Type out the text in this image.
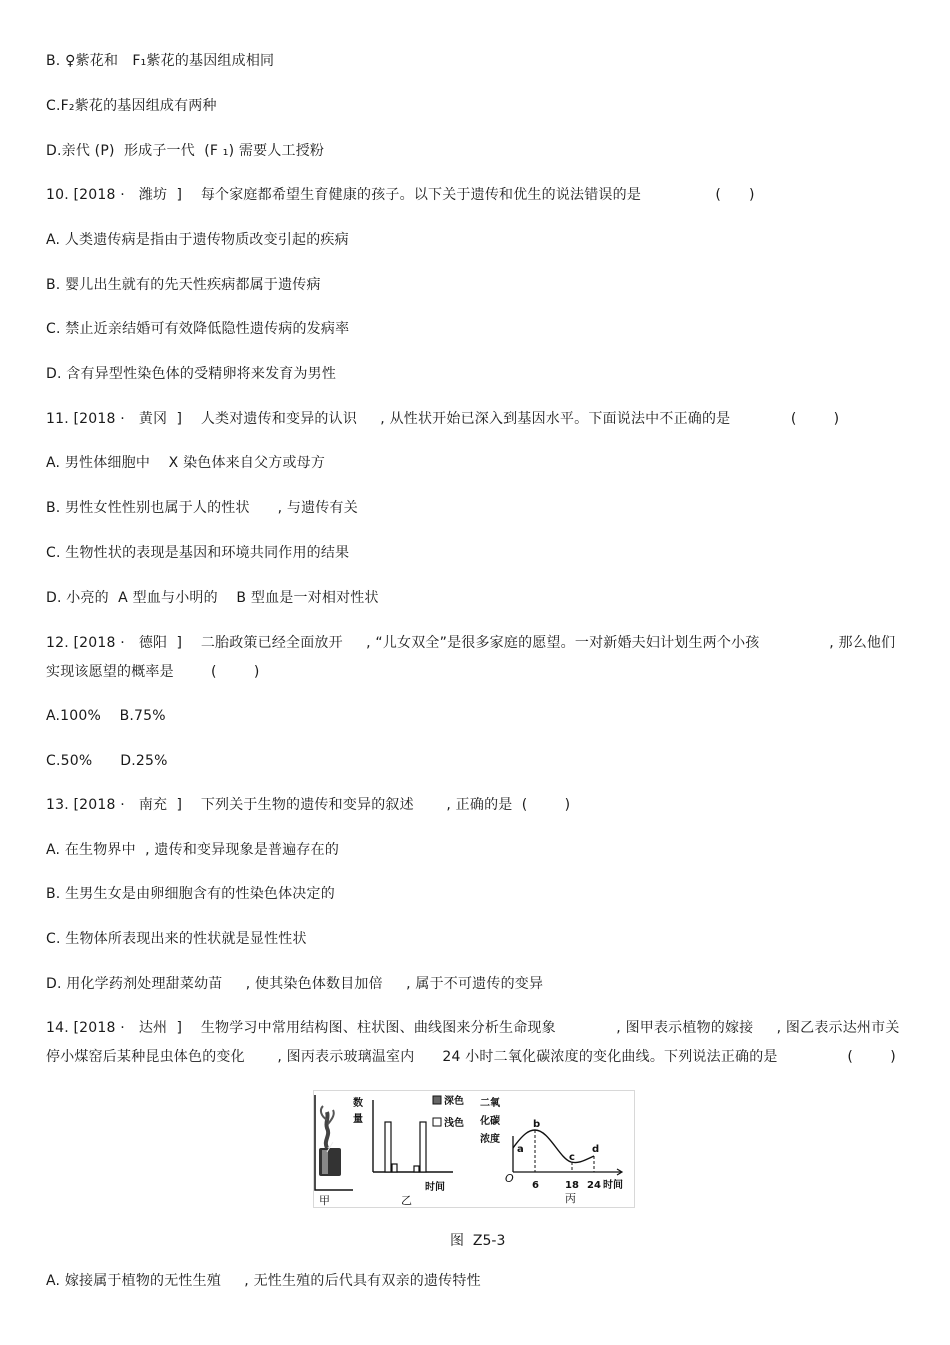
B. ♀紫花和　F₁紫花的基因组成相同
C.F₂紫花的基因组成有两种
D.亲代 (P)  形成子一代  (F ₁) 需要人工授粉
10. [2018 ·   潍坊  ]    每个家庭都希望生育健康的孩子。以下关于遗传和优生的说法错误的是                (      )
A. 人类遗传病是指由于遗传物质改变引起的疾病
B. 婴儿出生就有的先天性疾病都属于遗传病
C. 禁止近亲结婚可有效降低隐性遗传病的发病率
D. 含有异型性染色体的受精卵将来发育为男性
11. [2018 ·   黄冈  ]    人类对遗传和变异的认识     , 从性状开始已深入到基因水平。下面说法中不正确的是             (        )
A. 男性体细胞中    X 染色体来自父方或母方
B. 男性女性性别也属于人的性状      , 与遗传有关
C. 生物性状的表现是基因和环境共同作用的结果
D. 小亮的  A 型血与小明的    B 型血是一对相对性状
12. [2018 ·   德阳  ]    二胎政策已经全面放开     , “儿女双全”是很多家庭的愿望。一对新婚夫妇计划生两个小孩               , 那么他们
实现该愿望的概率是        (        )
A.100%    B.75%
C.50%      D.25%
13. [2018 ·   南充  ]    下列关于生物的遗传和变异的叙述       , 正确的是  (        )
A. 在生物界中  , 遗传和变异现象是普遍存在的
B. 生男生女是由卵细胞含有的性染色体决定的
C. 生物体所表现出来的性状就是显性性状
D. 用化学药剂处理甜菜幼苗     , 使其染色体数目加倍     , 属于不可遗传的变异
14. [2018 ·   达州  ]    生物学习中常用结构图、柱状图、曲线图来分析生命现象             , 图甲表示植物的嫁接     , 图乙表示达州市关
停小煤窑后某种昆虫体色的变化       , 图丙表示玻璃温室内      24 小时二氧化碳浓度的变化曲线。下列说法正确的是               (        )
甲
数
量
时间
深色
浅色
乙
二氧
化碳
浓度
a
b
c
d
O
6	18 24 时间
丙
图  Z5-3
A. 嫁接属于植物的无性生殖     , 无性生殖的后代具有双亲的遗传特性
